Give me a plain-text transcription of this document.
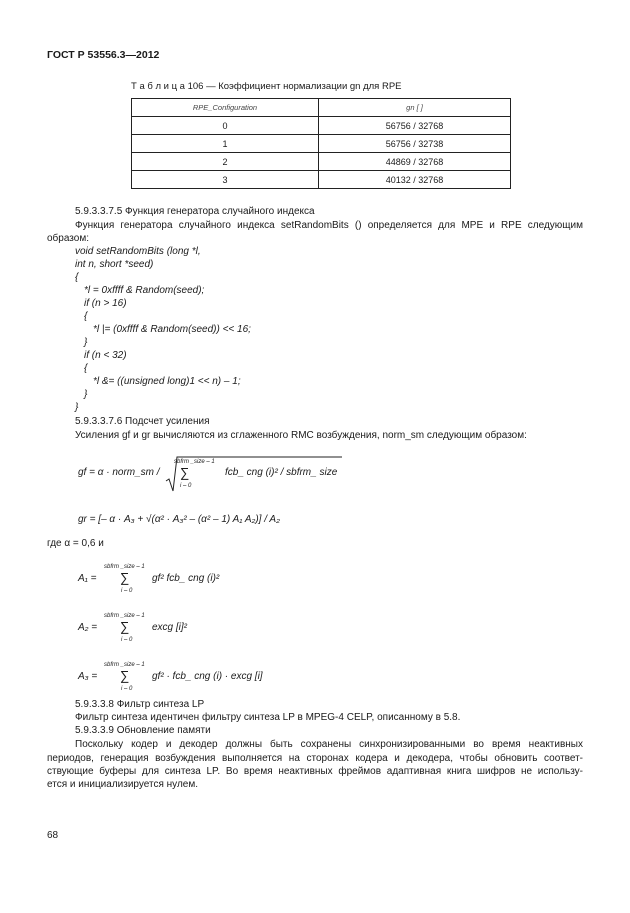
ГОСТ Р 53556.3—2012
Т а б л и ц а 106 — Коэффициент нормализации gn для RPE
RPE_Configuration	gn [ ]
0	56756 / 32768
1	56756 / 32738
2	44869 / 32768
3	40132 / 32768
5.9.3.3.7.5 Функция генератора случайного индекса
Функция генератора случайного индекса setRandomBits () определяется для MPE и RPE следующим
образом:
void setRandomBits (long *l,
int n, short *seed)
{
*l = 0xffff & Random(seed);
if (n > 16)
{
*l |= (0xffff & Random(seed)) << 16;
}
if (n < 32)
{
*l &= ((unsigned long)1 << n) – 1;
}
}
5.9.3.3.7.6 Подсчет усиления
Усиления gf и gr вычисляются из сглаженного RMC возбуждения, norm_sm следующим образом:
gf = α · norm_sm /
sbfrm _size – 1
∑
i – 0
fcb_ cng (i)² / sbfrm_ size
gr = [– α · A₃ + √(α² · A₃² – (α² – 1) A₁ A₂)] / A₂
где α = 0,6 и
A₁ =
sbfrm _size – 1
∑
i – 0
gf² fcb_ cng (i)²
A₂ =
sbfrm _size – 1
∑
i – 0
excg [i]²
A₃ =
sbfrm _size – 1
∑
i – 0
gf² · fcb_ cng (i) · excg [i]
5.9.3.3.8 Фильтр синтеза LP
Фильтр синтеза идентичен фильтру синтеза LP в MPEG-4 CELP, описанному в 5.8.
5.9.3.3.9 Обновление памяти
Поскольку кодер и декодер должны быть сохранены синхронизированными во время неактивных
периодов, генерация возбуждения выполняется на сторонах кодера и декодера, чтобы обновить соответ-
ствующие буферы для синтеза LP. Во время неактивных фреймов адаптивная книга шифров не использу-
ется и инициализируется нулем.
68
